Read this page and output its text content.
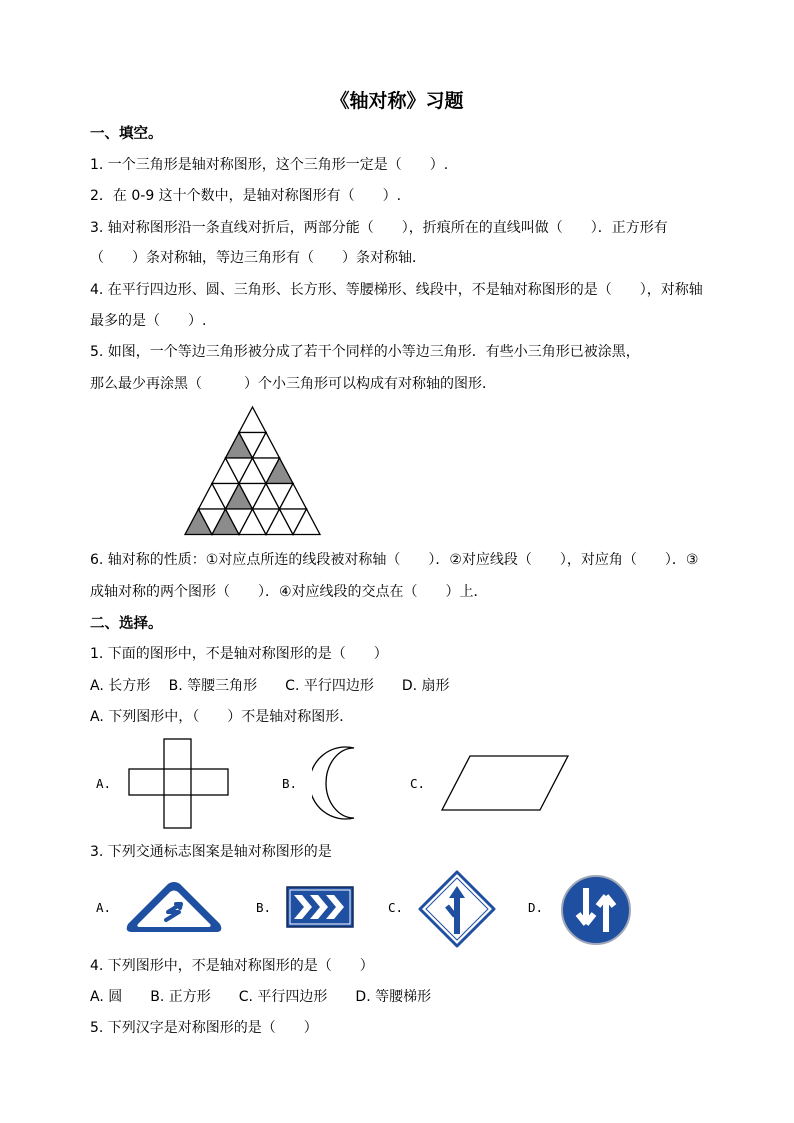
《轴对称》习题
一、填空。
1. 一个三角形是轴对称图形，这个三角形一定是（　　）.
2．在 0-9 这十个数中，是轴对称图形有（　　）.
3. 轴对称图形沿一条直线对折后，两部分能（　　），折痕所在的直线叫做（　　）．正方形有
（　　）条对称轴，等边三角形有（　　）条对称轴．
4. 在平行四边形、圆、三角形、长方形、等腰梯形、线段中，不是轴对称图形的是（　　），对称轴
最多的是（　　）.
5. 如图，一个等边三角形被分成了若干个同样的小等边三角形．有些小三角形已被涂黑，
那么最少再涂黑（　　　）个小三角形可以构成有对称轴的图形．
6. 轴对称的性质：①对应点所连的线段被对称轴（　　）．②对应线段（　　），对应角（　　）．③
成轴对称的两个图形（　　）．④对应线段的交点在（　　）上．
二、选择。
1. 下面的图形中，不是轴对称图形的是（　　）
A. 长方形　 B. 等腰三角形　　C. 平行四边形　　D. 扇形
A. 下列图形中，（　　）不是轴对称图形．
A.	B.	C.
3. 下列交通标志图案是轴对称图形的是
A.	B.	C.	D.
4. 下列图形中，不是轴对称图形的是（　　）
A. 圆　　B. 正方形　　C. 平行四边形　　D. 等腰梯形
5. 下列汉字是对称图形的是（　　）
